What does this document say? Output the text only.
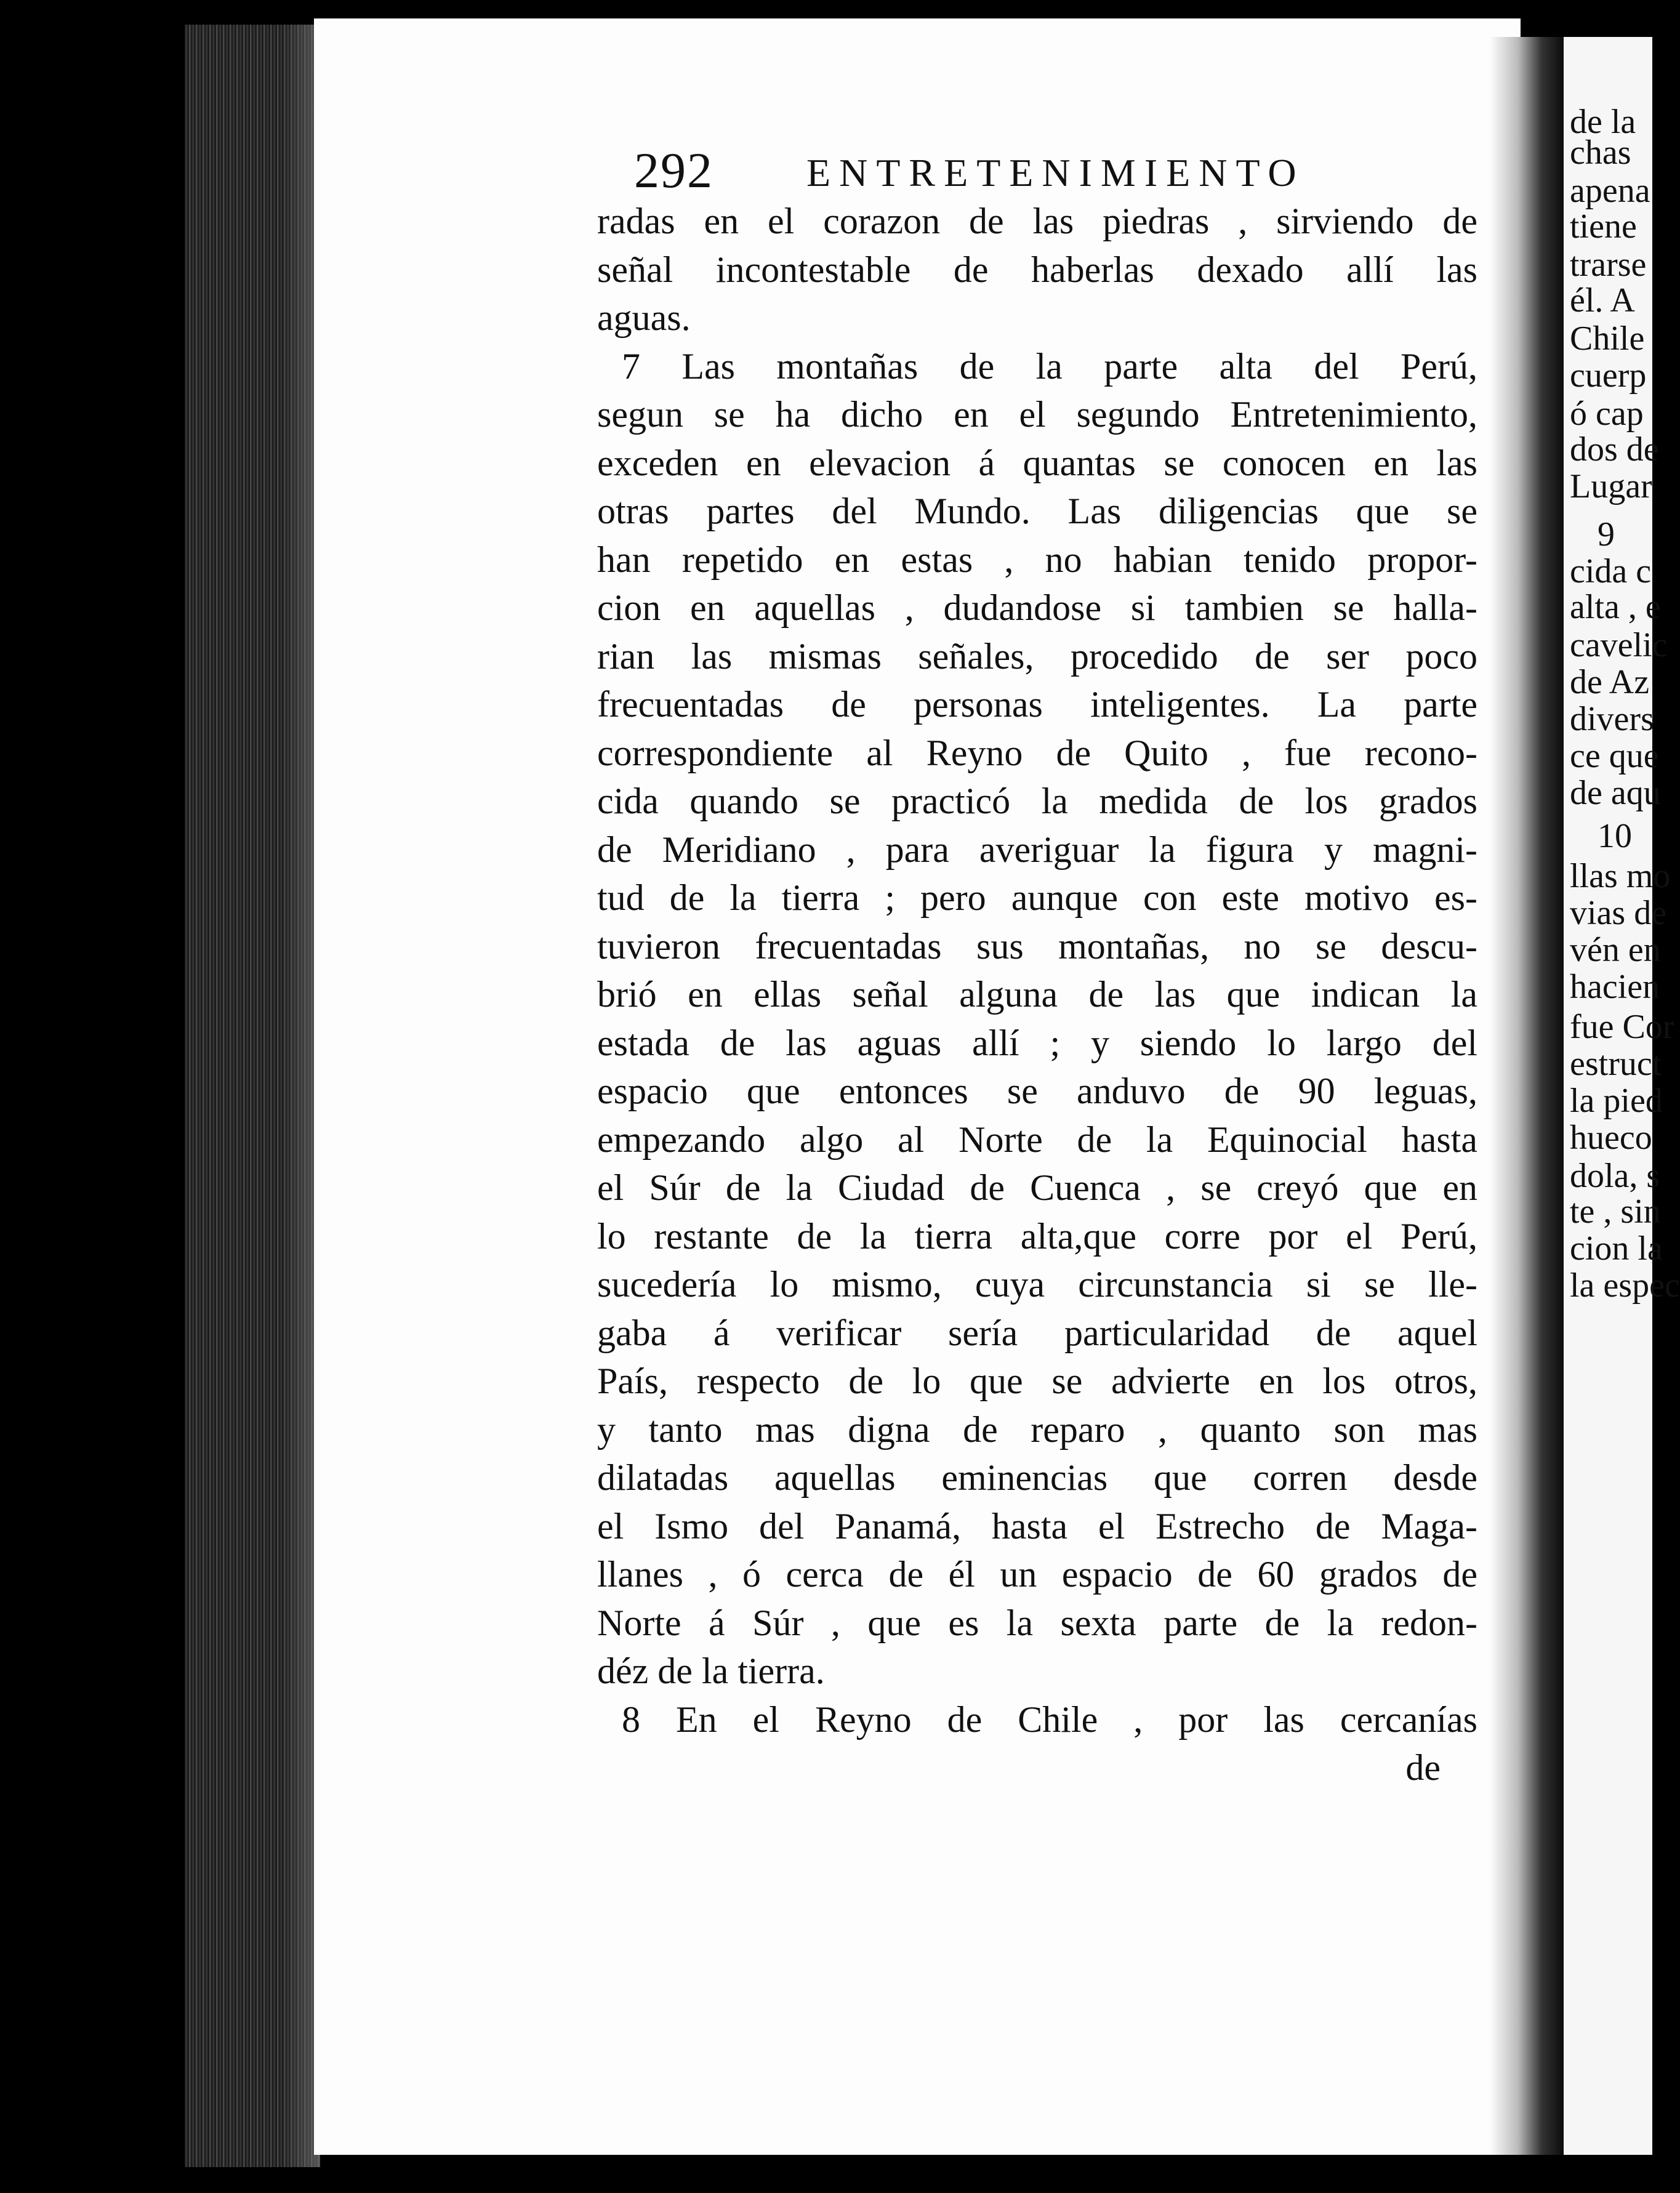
292 ENTRETENIMIENTO
radas en el corazon de las piedras , sirviendo de
señal incontestable de haberlas dexado allí las
aguas.
7 Las montañas de la parte alta del Perú,
segun se ha dicho en el segundo Entretenimiento,
exceden en elevacion á quantas se conocen en las
otras partes del Mundo. Las diligencias que se
han repetido en estas , no habian tenido propor-
cion en aquellas , dudandose si tambien se halla-
rian las mismas señales, procedido de ser poco
frecuentadas de personas inteligentes. La parte
correspondiente al Reyno de Quito , fue recono-
cida quando se practicó la medida de los grados
de Meridiano , para averiguar la figura y magni-
tud de la tierra ; pero aunque con este motivo es-
tuvieron frecuentadas sus montañas, no se descu-
brió en ellas señal alguna de las que indican la
estada de las aguas allí ; y siendo lo largo del
espacio que entonces se anduvo de 90 leguas,
empezando algo al Norte de la Equinocial hasta
el Súr de la Ciudad de Cuenca , se creyó que en
lo restante de la tierra alta,que corre por el Perú,
sucedería lo mismo, cuya circunstancia si se lle-
gaba á verificar sería particularidad de aquel
País, respecto de lo que se advierte en los otros,
y tanto mas digna de reparo , quanto son mas
dilatadas aquellas eminencias que corren desde
el Ismo del Panamá, hasta el Estrecho de Maga-
llanes , ó cerca de él un espacio de 60 grados de
Norte á Súr , que es la sexta parte de la redon-
déz de la tierra.
8 En el Reyno de Chile , por las cercanías
de
de la
chas
apena
tiene
trarse
él. A
Chile
cuerp
ó cap
dos de
Lugar
9
cida c
alta , e
cavelic
de Az
divers
ce que
de aqu
10
llas mo
vias de
vén en
hacien
fue Cor
estruct
la pied
hueco
dola, s
te , sin
cion la
la espec
